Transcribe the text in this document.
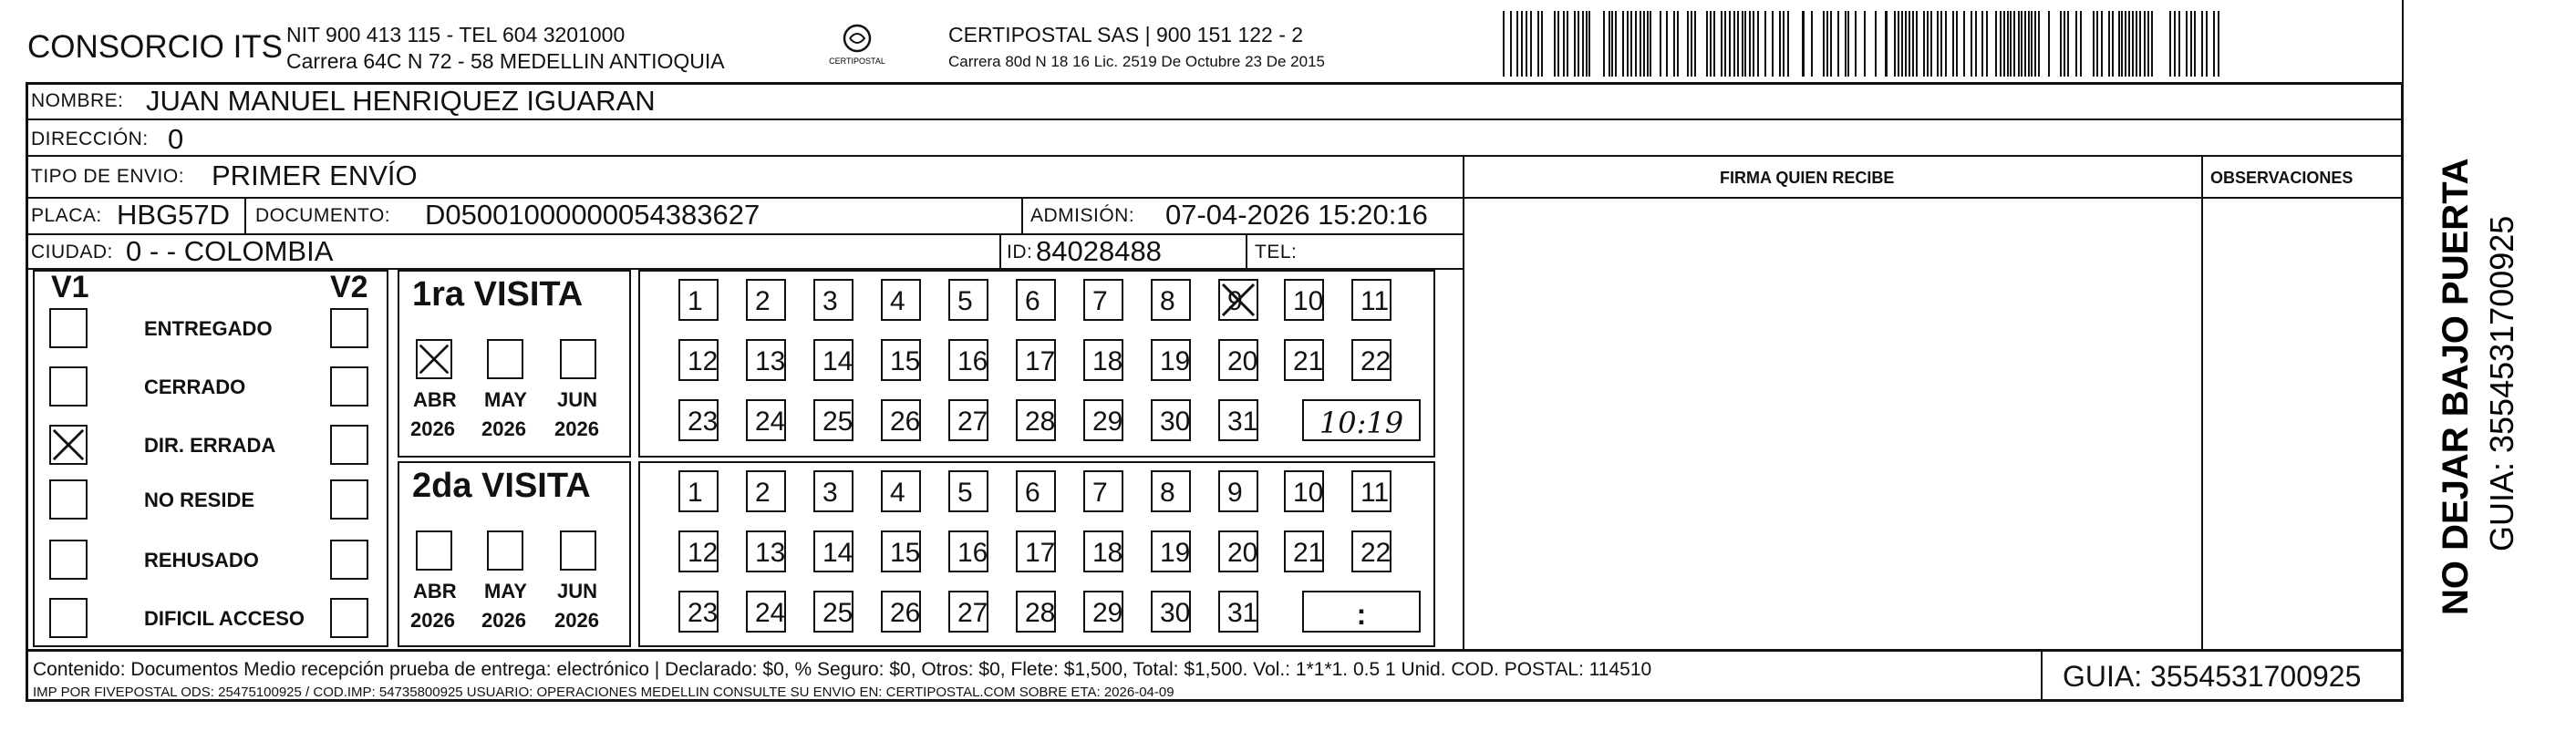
CONSORCIO ITS NIT 900 413 115 - TEL 604 3201000
Carrera 64C N 72 - 58 MEDELLIN ANTIOQUIA	CERTIPOSTAL
CERTIPOSTAL SAS | 900 151 122 - 2
Carrera 80d N 18 16 Lic. 2519 De Octubre 23 De 2015
NOMBRE: JUAN MANUEL HENRIQUEZ IGUARAN
DIRECCIÓN: 0
TIPO DE ENVIO: PRIMER ENVÍO	FIRMA QUIEN RECIBE	OBSERVACIONES
PLACA: HBG57D DOCUMENTO: D05001000000054383627	ADMISIÓN: 07-04-2026 15:20:16
CIUDAD: 0 - - COLOMBIA	ID: 84028488	TEL:
V1	V2
ENTREGADO
CERRADO
DIR. ERRADA
NO RESIDE
REHUSADO
DIFICIL ACCESO
1ra VISITA
2da VISITA
ABR
2026
MAY
2026
JUN
2026
1 2 3 4 5 6 7 8 9 10 11
12 13 14 15 16 17 18 19 20 21 22
23 24 25 26 27 28 29 30 31	10:19
ABR
2026
MAY
2026
JUN
2026
1 2 3 4 5 6 7 8 9 10 11
12 13 14 15 16 17 18 19 20 21 22
23 24 25 26 27 28 29 30 31	:	NO DEJAR BAJO PUERTA GUIA: 3554531700925
Contenido: Documentos Medio recepción prueba de entrega: electrónico | Declarado: $0, % Seguro: $0, Otros: $0, Flete: $1,500, Total: $1,500. Vol.: 1*1*1. 0.5 1 Unid. COD. POSTAL: 114510
IMP POR FIVEPOSTAL ODS: 25475100925 / COD.IMP: 54735800925 USUARIO: OPERACIONES MEDELLIN CONSULTE SU ENVIO EN: CERTIPOSTAL.COM SOBRE ETA: 2026-04-09	GUIA: 3554531700925
